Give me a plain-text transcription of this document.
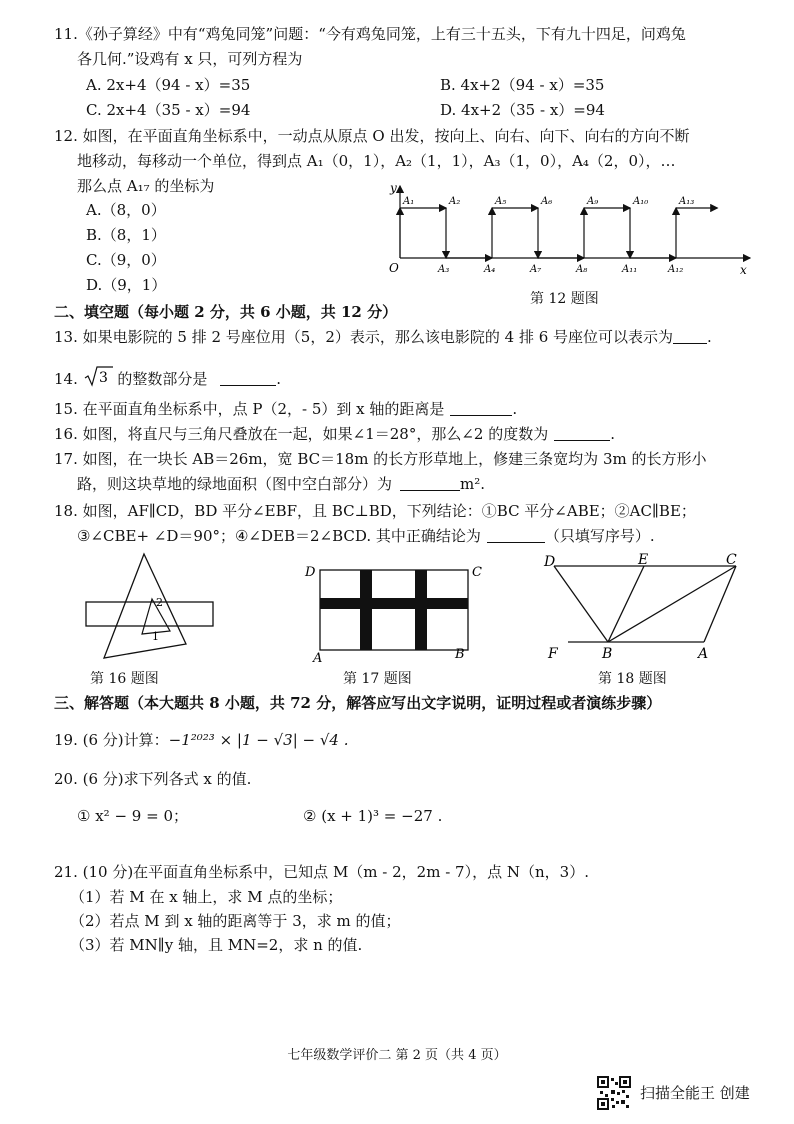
11.《孙子算经》中有“鸡兔同笼”问题：“今有鸡兔同笼，上有三十五头，下有九十四足，问鸡兔
各几何.”设鸡有 x 只，可列方程为
A. 2x+4（94 - x）=35	B. 4x+2（94 - x）=35
C. 2x+4（35 - x）=94	D. 4x+2（35 - x）=94
12. 如图，在平面直角坐标系中，一动点从原点 O 出发，按向上、向右、向下、向右的方向不断
地移动，每移动一个单位，得到点 A₁（0，1），A₂（1，1），A₃（1，0），A₄（2，0），…
那么点 A₁₇ 的坐标为
A.（8，0）
B.（8，1）
C.（9，0）
D.（9，1）
y
x
O
A₁	A₂	A₅	A₆	A₉	A₁₀	A₁₃
A₃	A₄	A₇	A₈	A₁₁	A₁₂
第 12 题图
二、填空题（每小题 2 分，共 6 小题，共 12 分）
13. 如果电影院的 5 排 2 号座位用（5，2）表示，那么该电影院的 4 排 6 号座位可以表示为 .
14. 3 的整数部分是	.
15. 在平面直角坐标系中，点 P（2，- 5）到 x 轴的距离是	.
16. 如图，将直尺与三角尺叠放在一起，如果∠1＝28°，那么∠2 的度数为	.
17. 如图，在一块长 AB＝26m，宽 BC＝18m 的长方形草地上，修建三条宽均为 3m 的长方形小
路，则这块草地的绿地面积（图中空白部分）为	m².
18. 如图，AF∥CD，BD 平分∠EBF，且 BC⊥BD，下列结论：①BC 平分∠ABE；②AC∥BE；
③∠CBE+ ∠D＝90°；④∠DEB＝2∠BCD. 其中正确结论为	（只填写序号）.
2
1
第 16 题图
D	C
A	B
第 17 题图
D	E	C
F	B	A
第 18 题图
三、解答题（本大题共 8 小题，共 72 分，解答应写出文字说明，证明过程或者演练步骤）
19. (6 分)计算：−1²⁰²³ × |1 − √3| − √4 .
20. (6 分)求下列各式 x 的值.
① x² − 9 = 0；	② (x + 1)³ = −27 .
21. (10 分)在平面直角坐标系中，已知点 M（m - 2，2m - 7），点 N（n，3）.
（1）若 M 在 x 轴上，求 M 点的坐标；
（2）若点 M 到 x 轴的距离等于 3，求 m 的值；
（3）若 MN∥y 轴，且 MN=2，求 n 的值.
七年级数学评价二 第 2 页（共 4 页）
扫描全能王 创建
